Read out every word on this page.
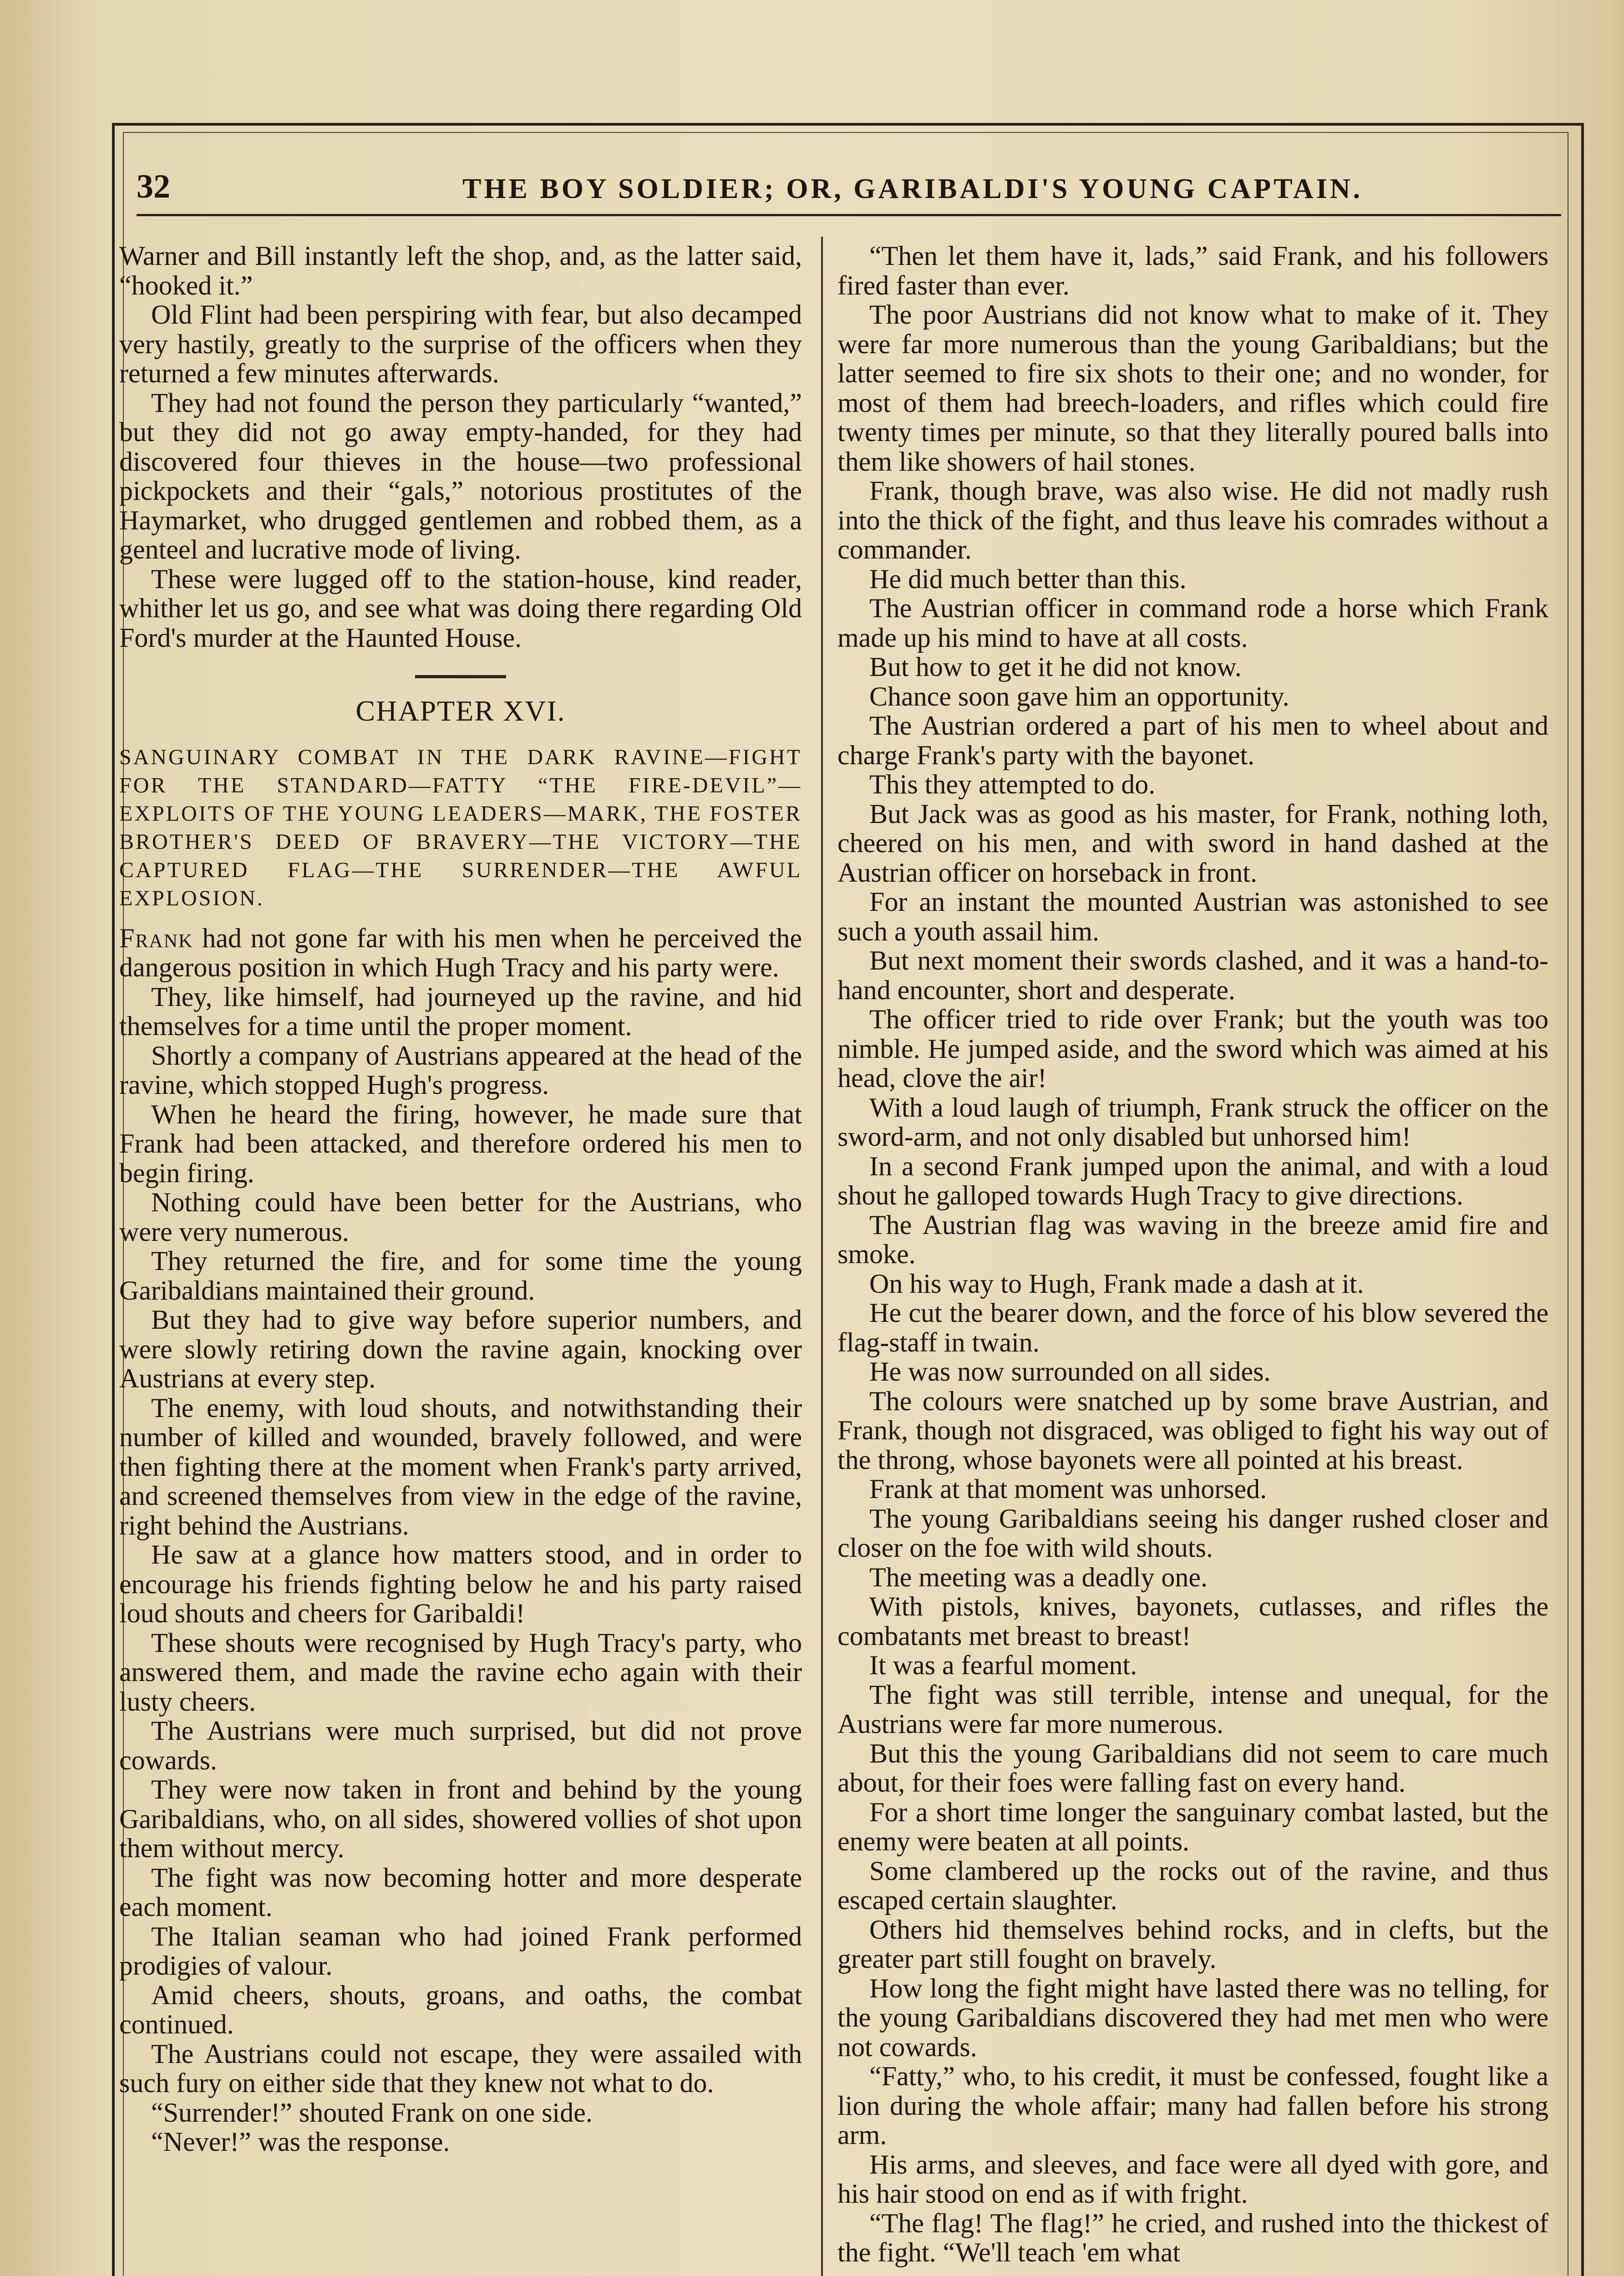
32	THE BOY SOLDIER; OR, GARIBALDI'S YOUNG CAPTAIN.

Warner and Bill instantly left the shop, and, as the latter said, “hooked it.”

Old Flint had been perspiring with fear, but also decamped very hastily, greatly to the surprise of the officers when they returned a few minutes afterwards.

They had not found the person they particularly “wanted,” but they did not go away empty-handed, for they had discovered four thieves in the house—two professional pickpockets and their “gals,” notorious prostitutes of the Haymarket, who drugged gentlemen and robbed them, as a genteel and lucrative mode of living.

These were lugged off to the station-house, kind reader, whither let us go, and see what was doing there regarding Old Ford's murder at the Haunted House.

CHAPTER XVI.

SANGUINARY COMBAT IN THE DARK RAVINE—FIGHT FOR THE STANDARD—FATTY “THE FIRE-DEVIL”—EXPLOITS OF THE YOUNG LEADERS—MARK, THE FOSTER BROTHER'S DEED OF BRAVERY—THE VICTORY—THE CAPTURED FLAG—THE SURRENDER—THE AWFUL EXPLOSION.

Frank had not gone far with his men when he perceived the dangerous position in which Hugh Tracy and his party were.

They, like himself, had journeyed up the ravine, and hid themselves for a time until the proper moment.

Shortly a company of Austrians appeared at the head of the ravine, which stopped Hugh's progress.

When he heard the firing, however, he made sure that Frank had been attacked, and therefore ordered his men to begin firing.

Nothing could have been better for the Austrians, who were very numerous.

They returned the fire, and for some time the young Garibaldians maintained their ground.

But they had to give way before superior numbers, and were slowly retiring down the ravine again, knocking over Austrians at every step.

The enemy, with loud shouts, and notwithstanding their number of killed and wounded, bravely followed, and were then fighting there at the moment when Frank's party arrived, and screened themselves from view in the edge of the ravine, right behind the Austrians.

He saw at a glance how matters stood, and in order to encourage his friends fighting below he and his party raised loud shouts and cheers for Garibaldi!

These shouts were recognised by Hugh Tracy's party, who answered them, and made the ravine echo again with their lusty cheers.

The Austrians were much surprised, but did not prove cowards.

They were now taken in front and behind by the young Garibaldians, who, on all sides, showered vollies of shot upon them without mercy.

The fight was now becoming hotter and more desperate each moment.

The Italian seaman who had joined Frank performed prodigies of valour.

Amid cheers, shouts, groans, and oaths, the combat continued.

The Austrians could not escape, they were assailed with such fury on either side that they knew not what to do.

“Surrender!” shouted Frank on one side.

“Never!” was the response.

“Then let them have it, lads,” said Frank, and his followers fired faster than ever.

The poor Austrians did not know what to make of it. They were far more numerous than the young Garibaldians; but the latter seemed to fire six shots to their one; and no wonder, for most of them had breech-loaders, and rifles which could fire twenty times per minute, so that they literally poured balls into them like showers of hail stones.

Frank, though brave, was also wise. He did not madly rush into the thick of the fight, and thus leave his comrades without a commander.

He did much better than this.

The Austrian officer in command rode a horse which Frank made up his mind to have at all costs.

But how to get it he did not know.

Chance soon gave him an opportunity.

The Austrian ordered a part of his men to wheel about and charge Frank's party with the bayonet.

This they attempted to do.

But Jack was as good as his master, for Frank, nothing loth, cheered on his men, and with sword in hand dashed at the Austrian officer on horseback in front.

For an instant the mounted Austrian was astonished to see such a youth assail him.

But next moment their swords clashed, and it was a hand-to-hand encounter, short and desperate.

The officer tried to ride over Frank; but the youth was too nimble. He jumped aside, and the sword which was aimed at his head, clove the air!

With a loud laugh of triumph, Frank struck the officer on the sword-arm, and not only disabled but unhorsed him!

In a second Frank jumped upon the animal, and with a loud shout he galloped towards Hugh Tracy to give directions.

The Austrian flag was waving in the breeze amid fire and smoke.

On his way to Hugh, Frank made a dash at it.

He cut the bearer down, and the force of his blow severed the flag-staff in twain.

He was now surrounded on all sides.

The colours were snatched up by some brave Austrian, and Frank, though not disgraced, was obliged to fight his way out of the throng, whose bayonets were all pointed at his breast.

Frank at that moment was unhorsed.

The young Garibaldians seeing his danger rushed closer and closer on the foe with wild shouts.

The meeting was a deadly one.

With pistols, knives, bayonets, cutlasses, and rifles the combatants met breast to breast!

It was a fearful moment.

The fight was still terrible, intense and unequal, for the Austrians were far more numerous.

But this the young Garibaldians did not seem to care much about, for their foes were falling fast on every hand.

For a short time longer the sanguinary combat lasted, but the enemy were beaten at all points.

Some clambered up the rocks out of the ravine, and thus escaped certain slaughter.

Others hid themselves behind rocks, and in clefts, but the greater part still fought on bravely.

How long the fight might have lasted there was no telling, for the young Garibaldians discovered they had met men who were not cowards.

“Fatty,” who, to his credit, it must be confessed, fought like a lion during the whole affair; many had fallen before his strong arm.

His arms, and sleeves, and face were all dyed with gore, and his hair stood on end as if with fright.

“The flag! The flag!” he cried, and rushed into the thickest of the fight. “We'll teach 'em what
